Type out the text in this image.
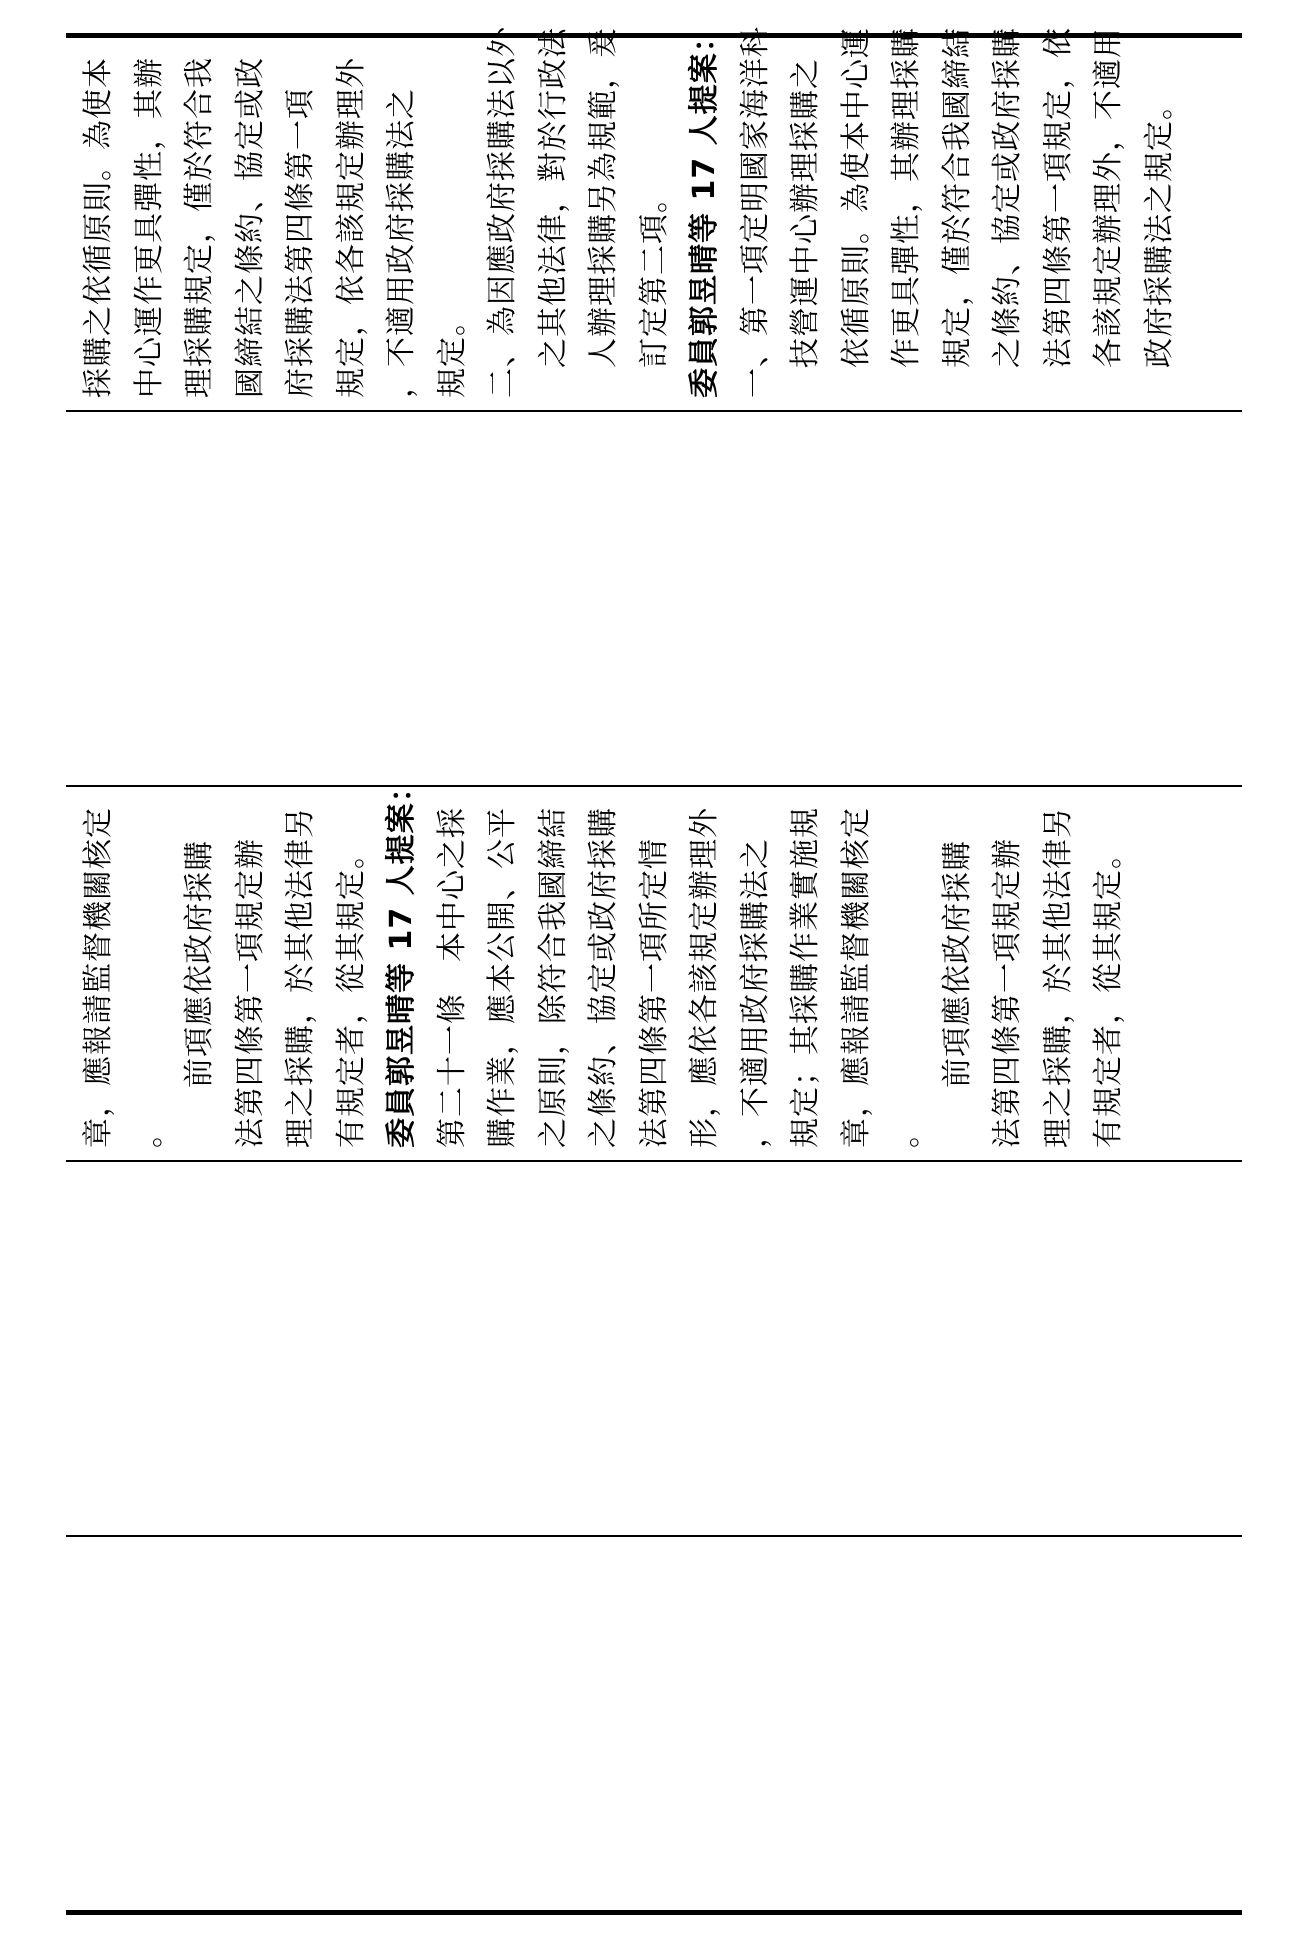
採購之依循原則。為使本 中心運作更具彈性，其辦 理採購規定，僅於符合我 國締結之條約、協定或政 府採購法第四條第一項 規定，依各該規定辦理外 ，不適用政府採購法之 規定。 二、為因應政府採購法以外 之其他法律，對於行政法 人辦理採購另為規範，爰 訂定第二項。 委員郭昱晴等 17 人提案： 一、第一項定明國家海洋科 技營運中心辦理採購之 依循原則。為使本中心運 作更具彈性，其辦理採購 規定，僅於符合我國締結 之條約、協定或政府採購 法第四條第一項規定，依 各該規定辦理外，不適用 政府採購法之規定。
章，應報請監督機關核定 。
前項應依政府採購 法第四條第一項規定辦 理之採購，於其他法律另 有規定者，從其規定。 委員郭昱晴等 17 人提案： 第二十一條　本中心之採 購作業，應本公開、公平 之原則，除符合我國締結 之條約、協定或政府採購 法第四條第一項所定情 形，應依各該規定辦理外 ，不適用政府採購法之 規定；其採購作業實施規 章，應報請監督機關核定 。
前項應依政府採購 法第四條第一項規定辦 理之採購，於其他法律另 有規定者，從其規定。
